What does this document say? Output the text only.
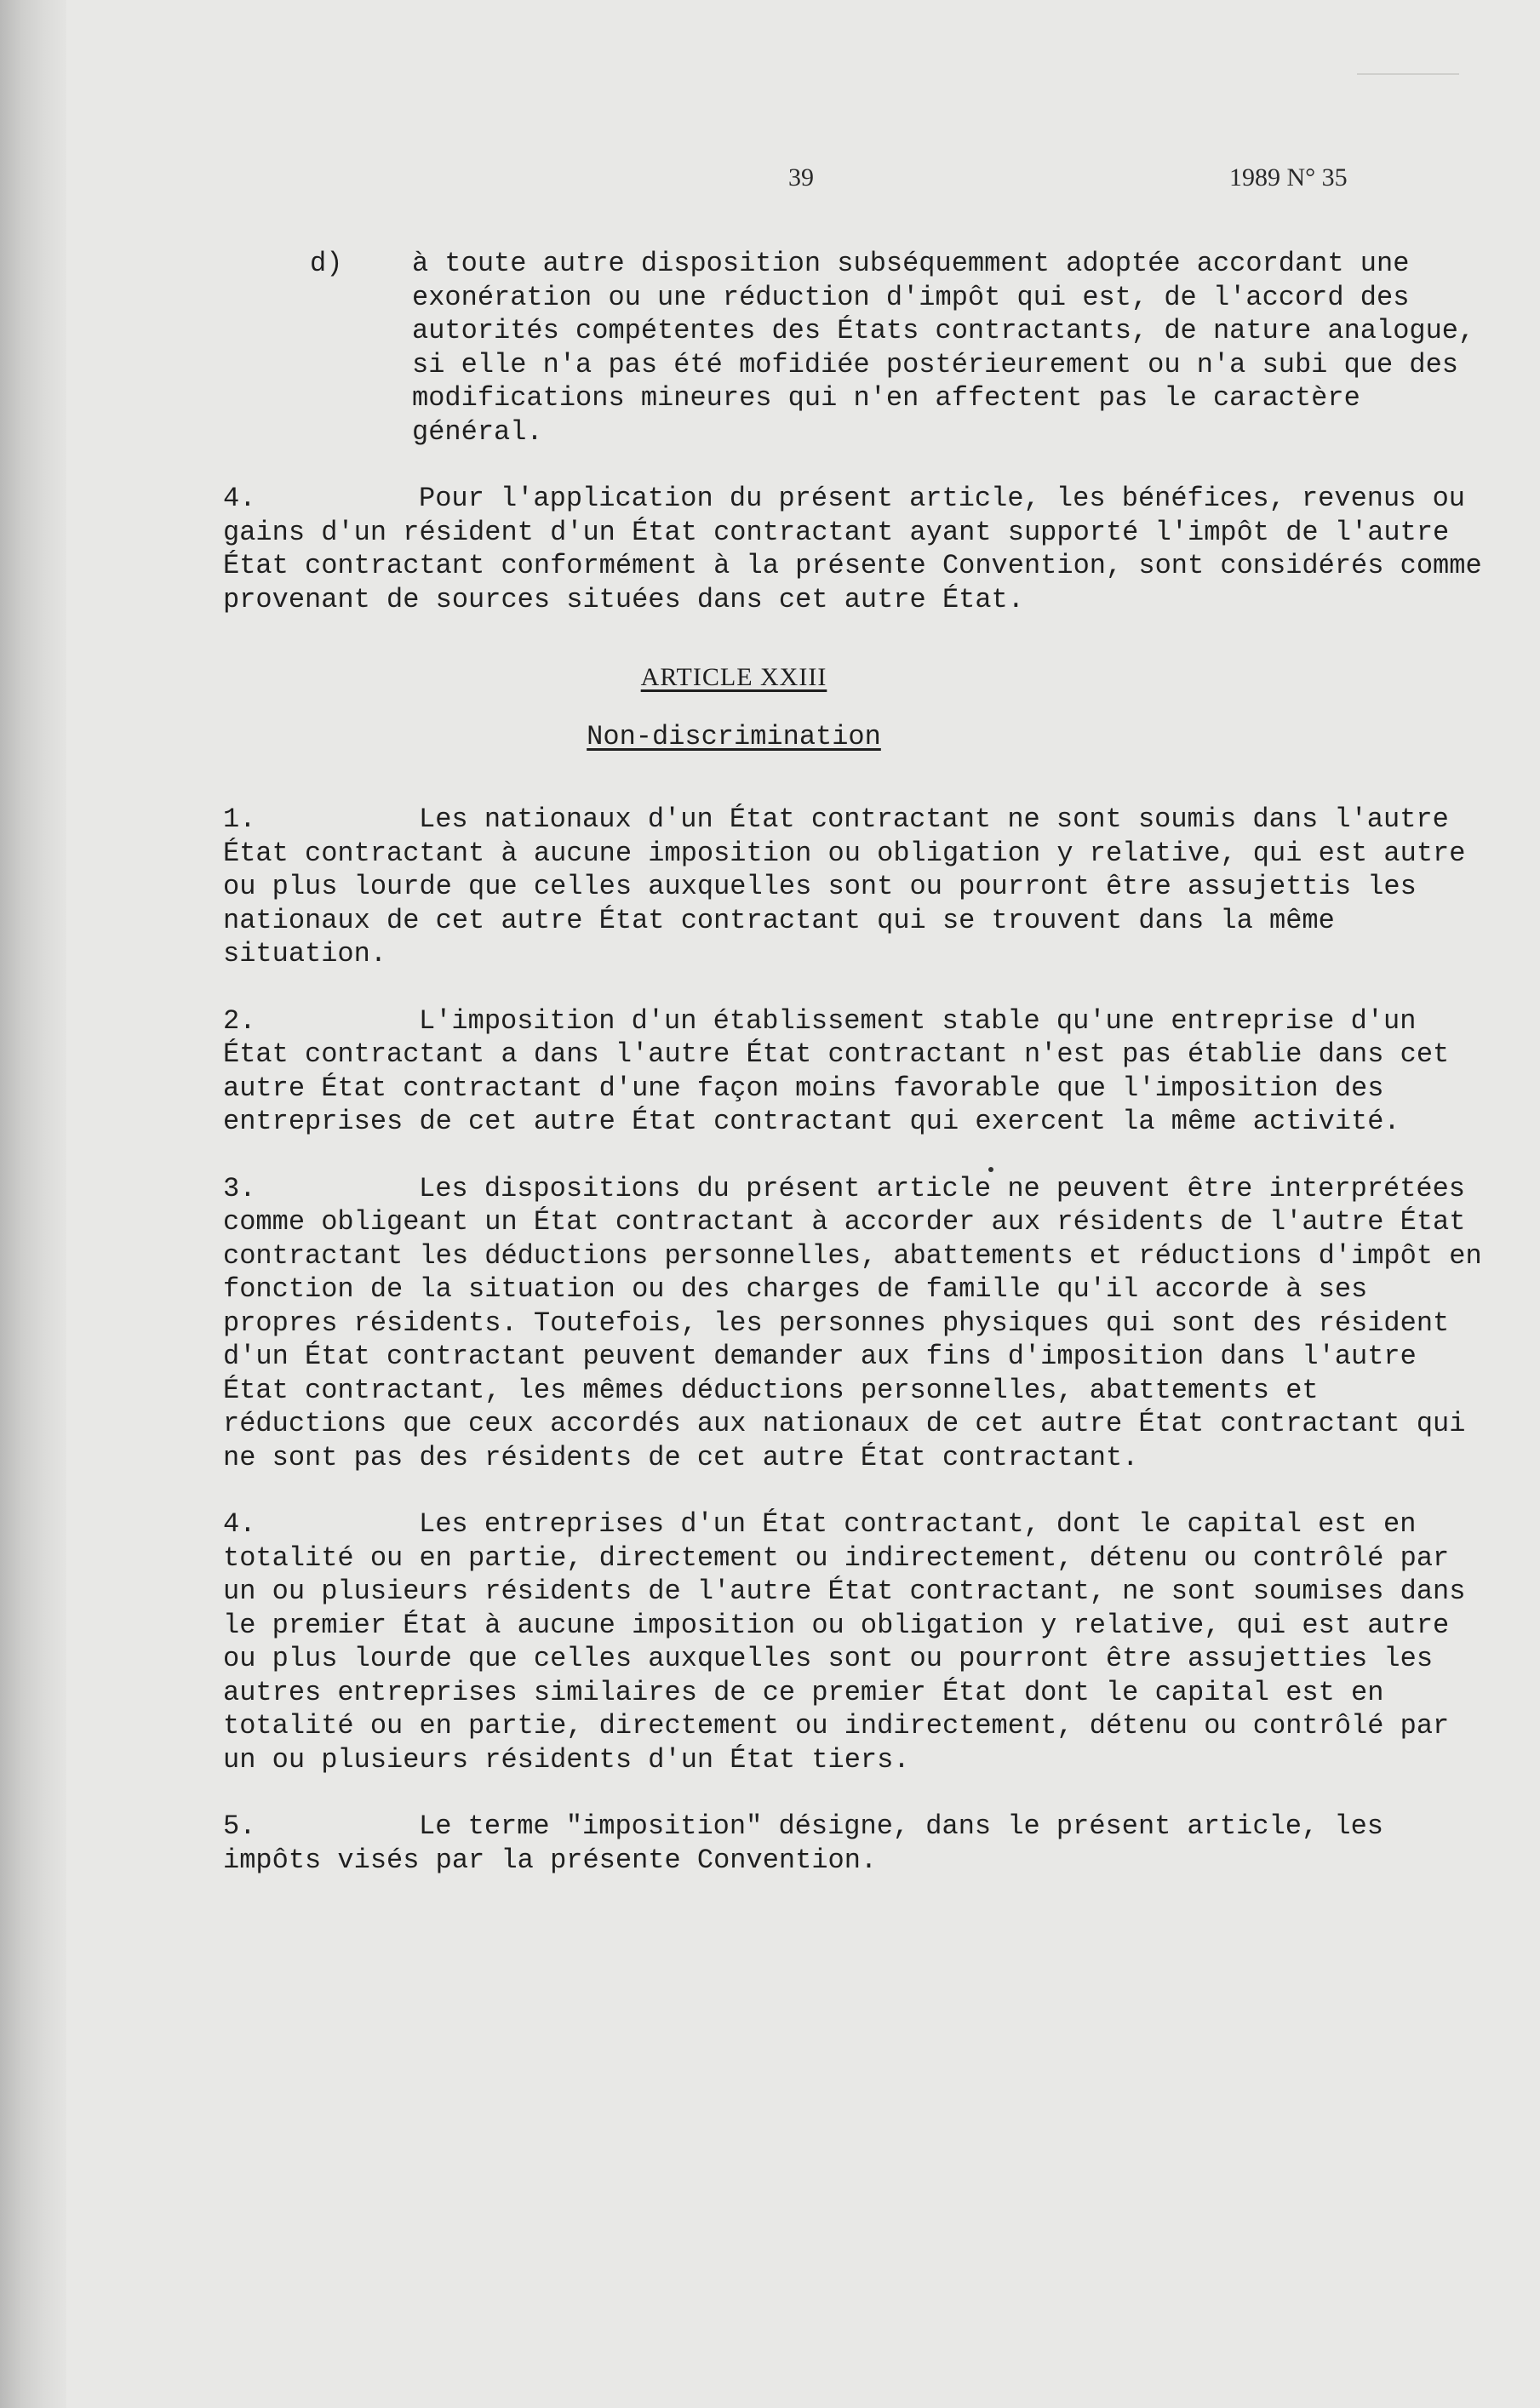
39	1989 N° 35

d)	à toute autre disposition subséquemment adoptée accordant une exonération ou une réduction d'impôt qui est, de l'accord des autorités compétentes des États contractants, de nature analogue, si elle n'a pas été mofidiée postérieurement ou n'a subi que des modifications mineures qui n'en affectent pas le caractère général.

4.	Pour l'application du présent article, les bénéfices, revenus ou gains d'un résident d'un État contractant ayant supporté l'impôt de l'autre État contractant conformément à la présente Convention, sont considérés comme provenant de sources situées dans cet autre État.

ARTICLE XXIII
Non-discrimination

1.	Les nationaux d'un État contractant ne sont soumis dans l'autre État contractant à aucune imposition ou obligation y relative, qui est autre ou plus lourde que celles auxquelles sont ou pourront être assujettis les nationaux de cet autre État contractant qui se trouvent dans la même situation.

2.	L'imposition d'un établissement stable qu'une entreprise d'un État contractant a dans l'autre État contractant n'est pas établie dans cet autre État contractant d'une façon moins favorable que l'imposition des entreprises de cet autre État contractant qui exercent la même activité.

3.	Les dispositions du présent article ne peuvent être interprétées comme obligeant un État contractant à accorder aux résidents de l'autre État contractant les déductions personnelles, abattements et réductions d'impôt en fonction de la situation ou des charges de famille qu'il accorde à ses propres résidents. Toutefois, les personnes physiques qui sont des résident d'un État contractant peuvent demander aux fins d'imposition dans l'autre État contractant, les mêmes déductions personnelles, abattements et réductions que ceux accordés aux nationaux de cet autre État contractant qui ne sont pas des résidents de cet autre État contractant.

4.	Les entreprises d'un État contractant, dont le capital est en totalité ou en partie, directement ou indirectement, détenu ou contrôlé par un ou plusieurs résidents de l'autre État contractant, ne sont soumises dans le premier État à aucune imposition ou obligation y relative, qui est autre ou plus lourde que celles auxquelles sont ou pourront être assujetties les autres entreprises similaires de ce premier État dont le capital est en totalité ou en partie, directement ou indirectement, détenu ou contrôlé par un ou plusieurs résidents d'un État tiers.

5.	Le terme "imposition" désigne, dans le présent article, les impôts visés par la présente Convention.
